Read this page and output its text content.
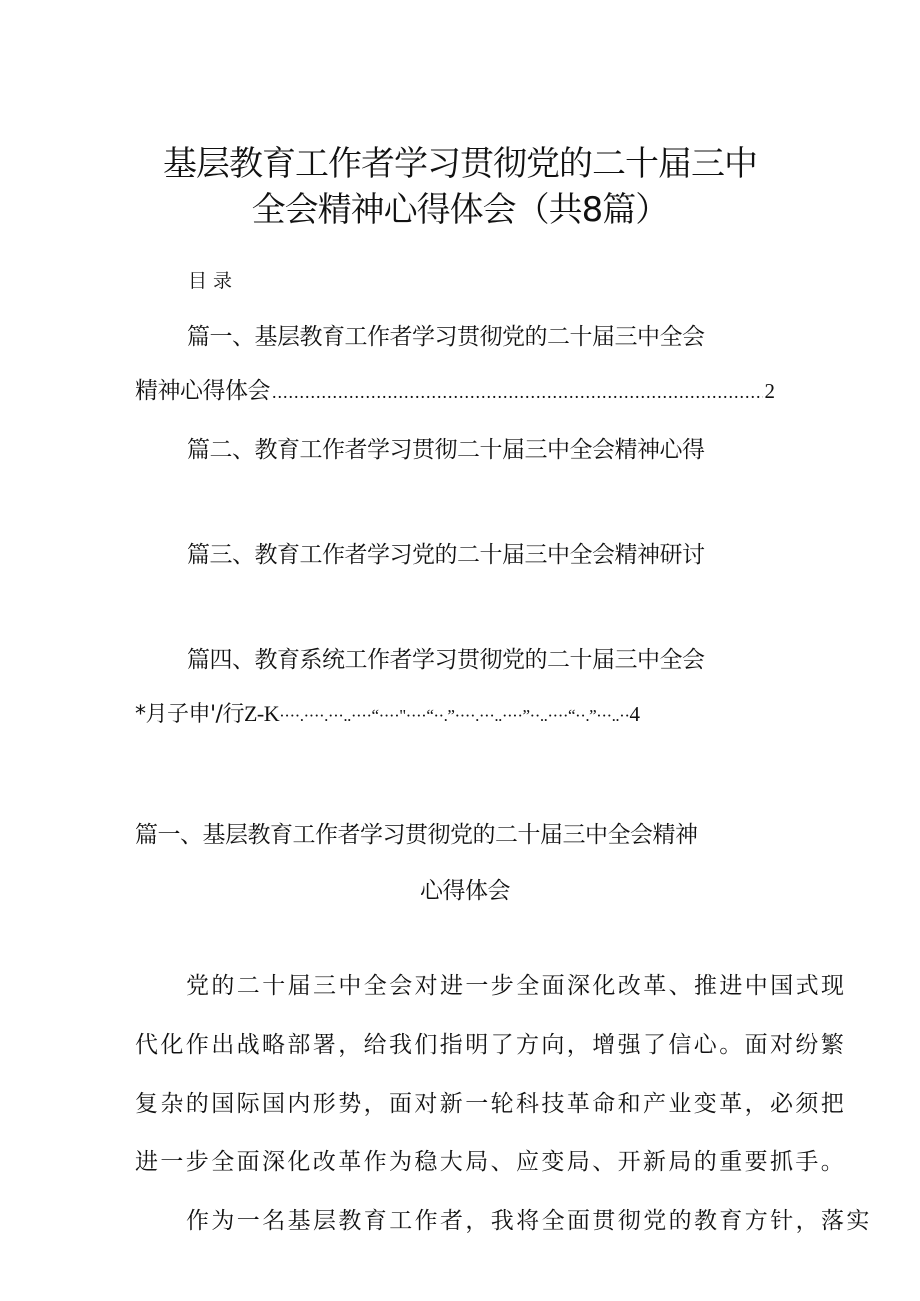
基层教育工作者学习贯彻党的二十届三中
全会精神心得体会（共8篇）
目录
篇一、基层教育工作者学习贯彻党的二十届三中全会
精神心得体会
.....	2
篇二、教育工作者学习贯彻二十届三中全会精神心得
篇三、教育工作者学习党的二十届三中全会精神研讨
篇四、教育系统工作者学习贯彻党的二十届三中全会
*月子申'/行Z-K····.····.···..····“····"····“··.”····.···..····”··..····“··.”···..··4
篇一、基层教育工作者学习贯彻党的二十届三中全会精神
心得体会
党的二十届三中全会对进一步全面深化改革、推进中国式现
代化作出战略部署，给我们指明了方向，增强了信心。面对纷繁
复杂的国际国内形势，面对新一轮科技革命和产业变革，必须把
进一步全面深化改革作为稳大局、应变局、开新局的重要抓手。
作为一名基层教育工作者，我将全面贯彻党的教育方针，落实
